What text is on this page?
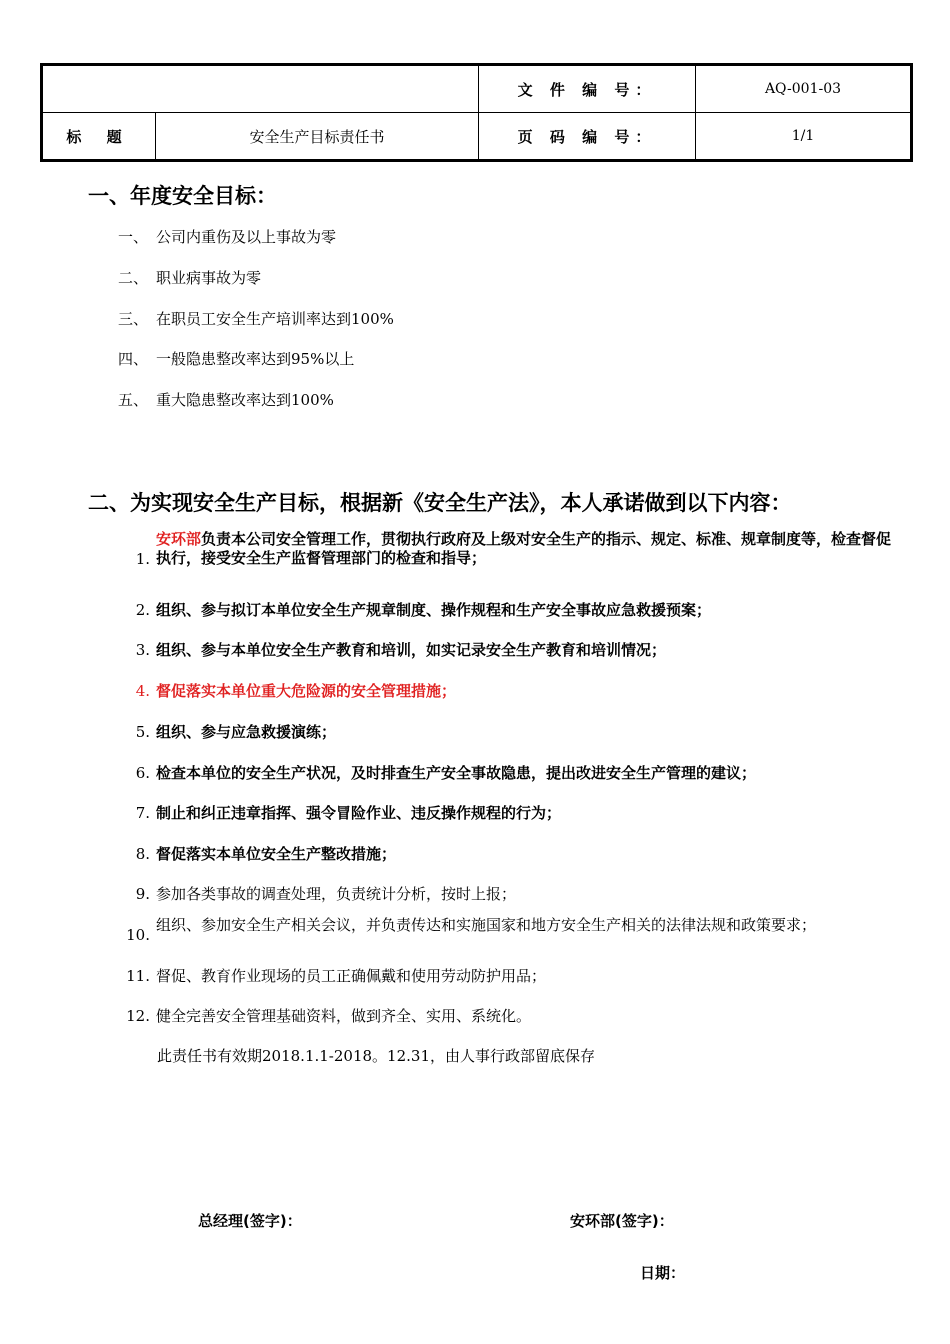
		文 件 编 号：	AQ-001-03
标 题	安全生产目标责任书	页 码 编 号：	1/1
一、年度安全目标：
一、 公司内重伤及以上事故为零
二、 职业病事故为零
三、 在职员工安全生产培训率达到100%
四、 一般隐患整改率达到95%以上
五、 重大隐患整改率达到100%
二、为实现安全生产目标，根据新《安全生产法》，本人承诺做到以下内容：
1.
安环部负责本公司安全管理工作，贯彻执行政府及上级对安全生产的指示、规定、标准、规章制度等，检查督促执行，接受安全生产监督管理部门的检查和指导；
2. 组织、参与拟订本单位安全生产规章制度、操作规程和生产安全事故应急救援预案；
3. 组织、参与本单位安全生产教育和培训，如实记录安全生产教育和培训情况；
4. 督促落实本单位重大危险源的安全管理措施；
5. 组织、参与应急救援演练；
6. 检查本单位的安全生产状况，及时排查生产安全事故隐患，提出改进安全生产管理的建议；
7. 制止和纠正违章指挥、强令冒险作业、违反操作规程的行为；
8. 督促落实本单位安全生产整改措施；
9. 参加各类事故的调查处理，负责统计分析，按时上报；
10.
组织、参加安全生产相关会议，并负责传达和实施国家和地方安全生产相关的法律法规和政策要求；
11. 督促、教育作业现场的员工正确佩戴和使用劳动防护用品；
12. 健全完善安全管理基础资料，做到齐全、实用、系统化。
此责任书有效期2018.1.1-2018。12.31，由人事行政部留底保存
总经理(签字)：	安环部(签字)：
日期：
